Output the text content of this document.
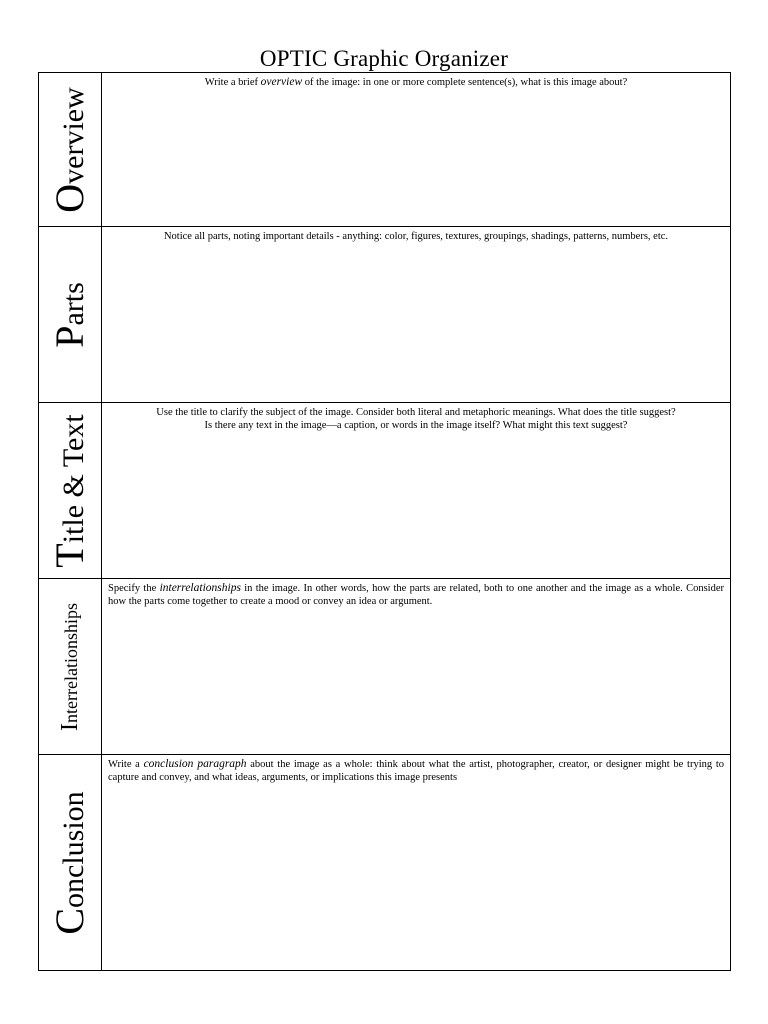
OPTIC Graphic Organizer
Overview
Write a brief overview of the image: in one or more complete sentence(s), what is this image about?
Parts
Notice all parts, noting important details - anything: color, figures, textures, groupings, shadings, patterns, numbers, etc.
Title & Text
Use the title to clarify the subject of the image. Consider both literal and metaphoric meanings. What does the title suggest?
Is there any text in the image—a caption, or words in the image itself? What might this text suggest?
Interrelationships
Specify the interrelationships in the image. In other words, how the parts are related, both to one another and the image as a whole. Consider how the parts come together to create a mood or convey an idea or argument.
Conclusion
Write a conclusion paragraph about the image as a whole: think about what the artist, photographer, creator, or designer might be trying to capture and convey, and what ideas, arguments, or implications this image presents
